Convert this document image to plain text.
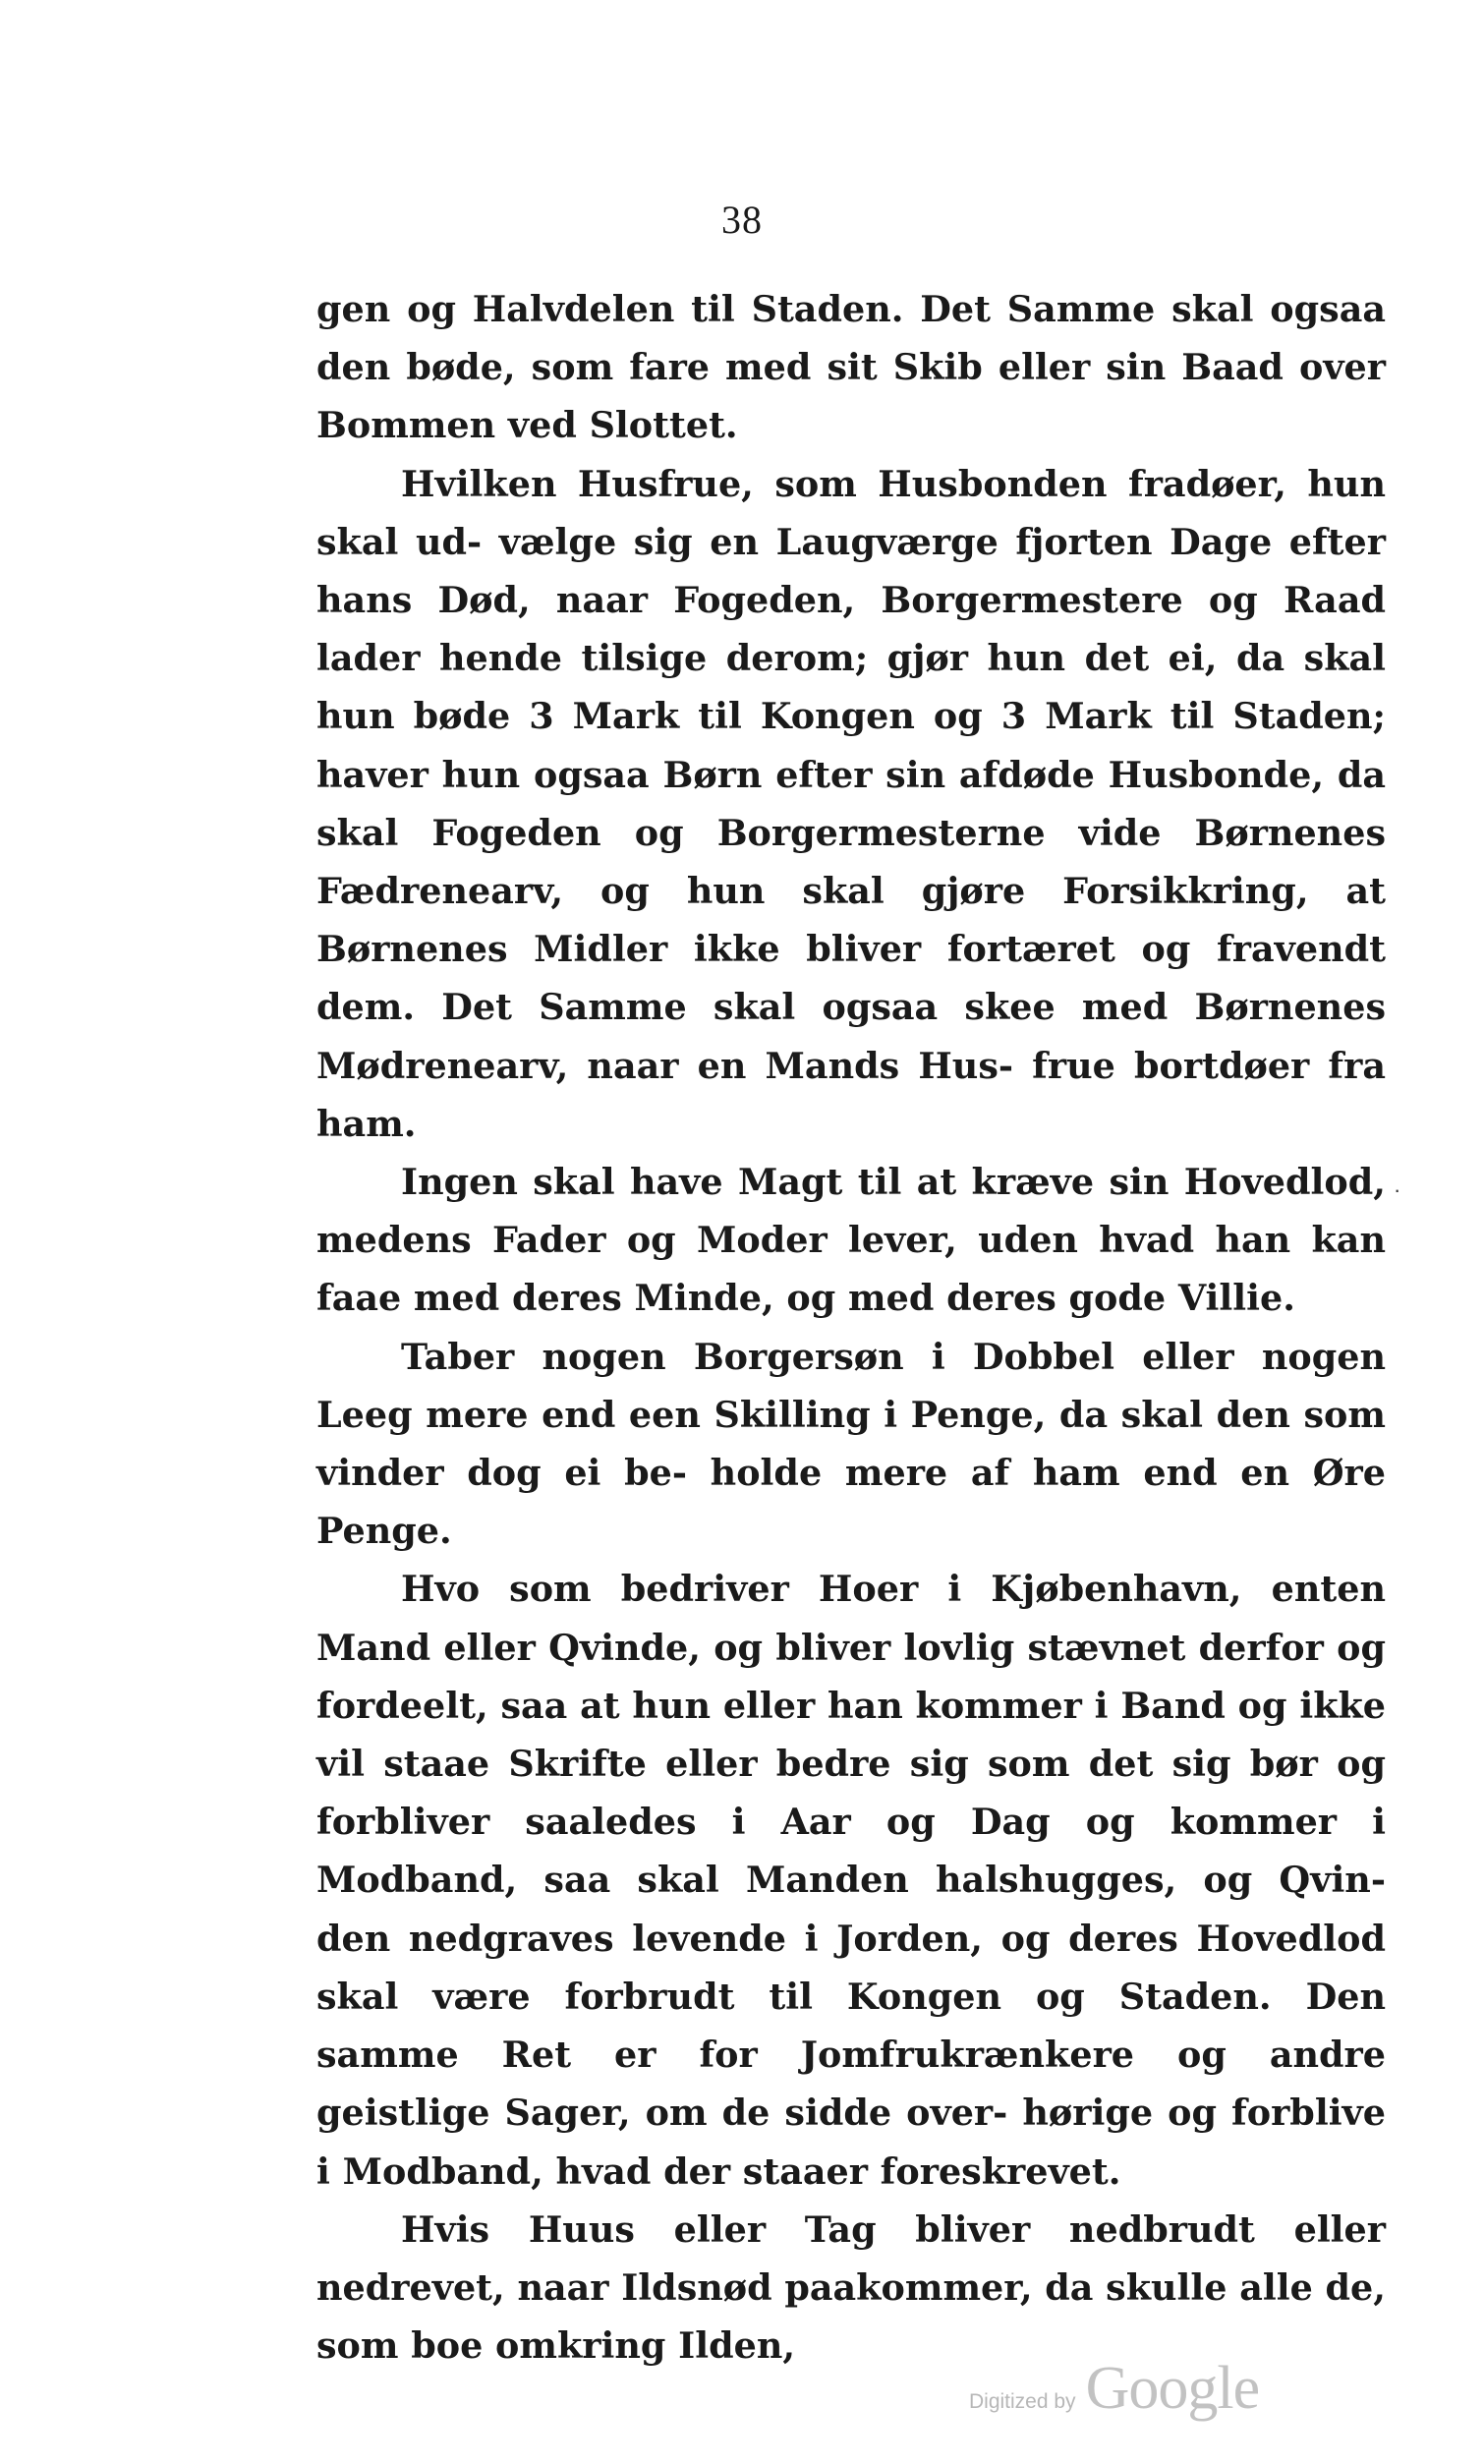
38

gen og Halvdelen til Staden. Det Samme skal ogsaa den bøde, som fare med sit Skib eller sin Baad over Bommen ved Slottet.

Hvilken Husfrue, som Husbonden fradøer, hun skal ud- vælge sig en Laugværge fjorten Dage efter hans Død, naar Fogeden, Borgermestere og Raad lader hende tilsige derom; gjør hun det ei, da skal hun bøde 3 Mark til Kongen og 3 Mark til Staden; haver hun ogsaa Børn efter sin afdøde Husbonde, da skal Fogeden og Borgermesterne vide Børnenes Fædrenearv, og hun skal gjøre Forsikkring, at Børnenes Midler ikke bliver fortæret og fravendt dem. Det Samme skal ogsaa skee med Børnenes Mødrenearv, naar en Mands Hus- frue bortdøer fra ham.

Ingen skal have Magt til at kræve sin Hovedlod, medens Fader og Moder lever, uden hvad han kan faae med deres Minde, og med deres gode Villie.

Taber nogen Borgersøn i Dobbel eller nogen Leeg mere end een Skilling i Penge, da skal den som vinder dog ei be- holde mere af ham end en Øre Penge.

Hvo som bedriver Hoer i Kjøbenhavn, enten Mand eller Qvinde, og bliver lovlig stævnet derfor og fordeelt, saa at hun eller han kommer i Band og ikke vil staae Skrifte eller bedre sig som det sig bør og forbliver saaledes i Aar og Dag og kommer i Modband, saa skal Manden halshugges, og Qvin- den nedgraves levende i Jorden, og deres Hovedlod skal være forbrudt til Kongen og Staden. Den samme Ret er for Jomfrukrænkere og andre geistlige Sager, om de sidde over- hørige og forblive i Modband, hvad der staaer foreskrevet.

Hvis Huus eller Tag bliver nedbrudt eller nedrevet, naar Ildsnød paakommer, da skulle alle de, som boe omkring Ilden,

·
Digitized by Google
